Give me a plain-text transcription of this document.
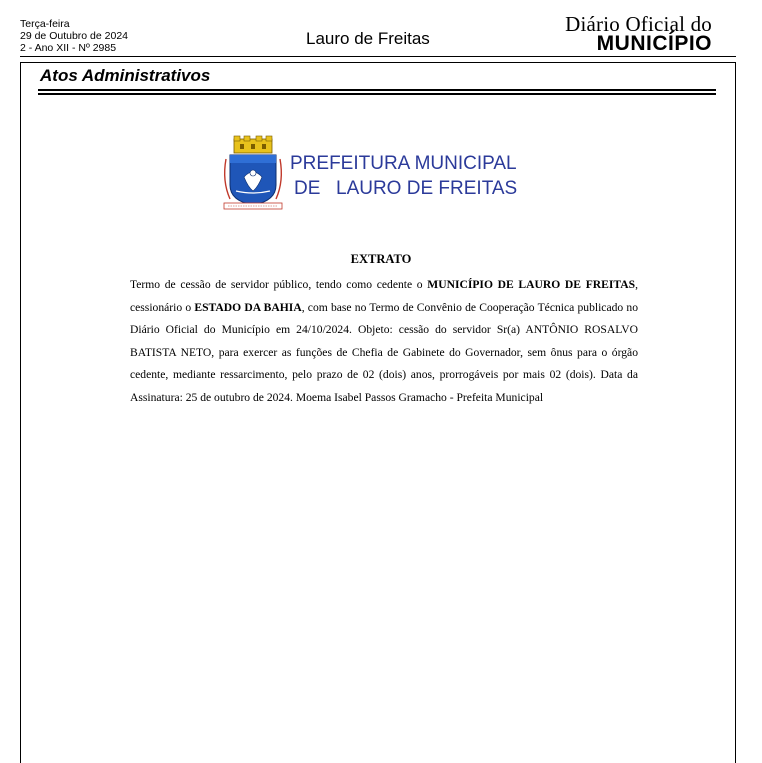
Terça-feira
29 de Outubro de 2024
2 - Ano XII - Nº 2985	Lauro de Freitas
Diário Oficial do
MUNICÍPIO
Atos Administrativos
PREFEITURA MUNICIPAL
DE LAURO DE FREITAS
EXTRATO
Termo de cessão de servidor público, tendo como cedente o MUNICÍPIO DE LAURO DE FREITAS, cessionário o ESTADO DA BAHIA, com base no Termo de Convênio de Cooperação Técnica publicado no Diário Oficial do Município em 24/10/2024. Objeto: cessão do servidor Sr(a) ANTÔNIO ROSALVO BATISTA NETO, para exercer as funções de Chefia de Gabinete do Governador, sem ônus para o órgão cedente, mediante ressarcimento, pelo prazo de 02 (dois) anos, prorrogáveis por mais 02 (dois). Data da Assinatura: 25 de outubro de 2024. Moema Isabel Passos Gramacho - Prefeita Municipal
